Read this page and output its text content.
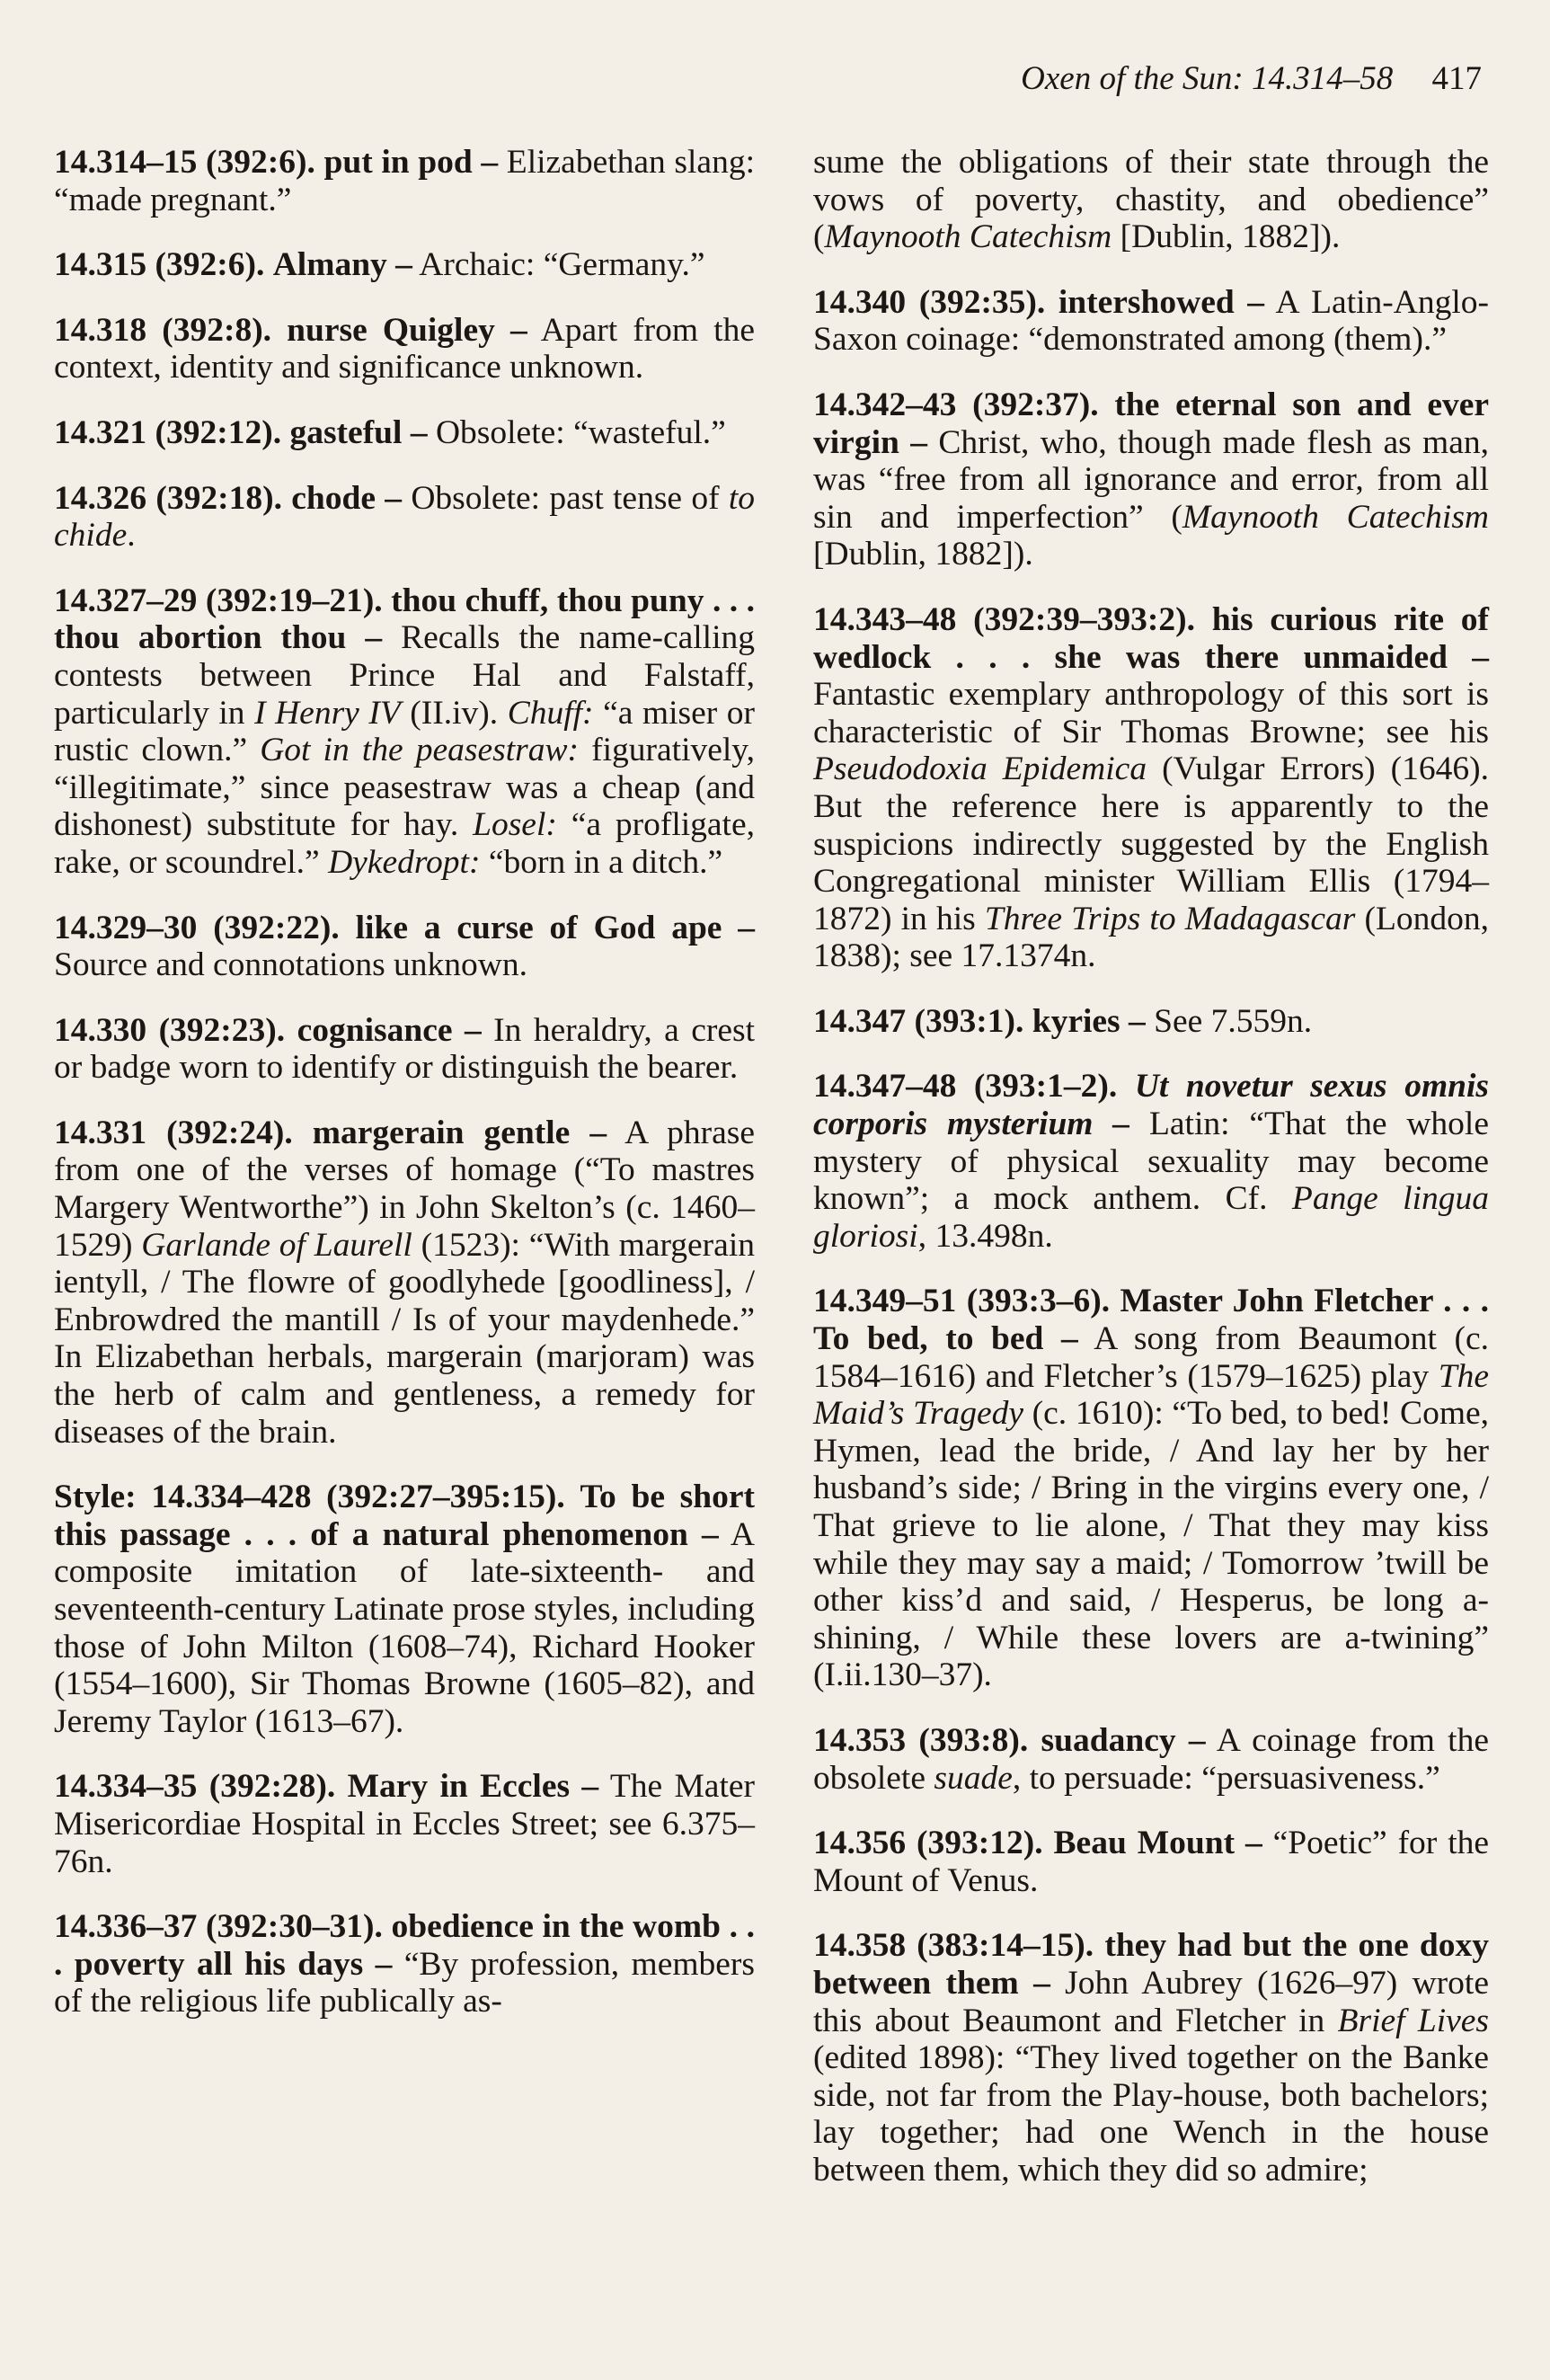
Oxen of the Sun: 14.314–58 417

14.314–15 (392:6). put in pod – Elizabethan slang: “made pregnant.”

14.315 (392:6). Almany – Archaic: “Germany.”

14.318 (392:8). nurse Quigley – Apart from the context, identity and significance unknown.

14.321 (392:12). gasteful – Obsolete: “wasteful.”

14.326 (392:18). chode – Obsolete: past tense of to chide.

14.327–29 (392:19–21). thou chuff, thou puny . . . thou abortion thou – Recalls the name-calling contests between Prince Hal and Falstaff, particularly in I Henry IV (II.iv). Chuff: “a miser or rustic clown.” Got in the peasestraw: figuratively, “illegitimate,” since peasestraw was a cheap (and dishonest) substitute for hay. Losel: “a profligate, rake, or scoundrel.” Dykedropt: “born in a ditch.”

14.329–30 (392:22). like a curse of God ape – Source and connotations unknown.

14.330 (392:23). cognisance – In heraldry, a crest or badge worn to identify or distinguish the bearer.

14.331 (392:24). margerain gentle – A phrase from one of the verses of homage (“To mastres Margery Wentworthe”) in John Skelton’s (c. 1460–1529) Garlande of Laurell (1523): “With margerain ientyll, / The flowre of goodlyhede [goodliness], / Enbrowdred the mantill / Is of your maydenhede.” In Elizabethan herbals, margerain (marjoram) was the herb of calm and gentleness, a remedy for diseases of the brain.

Style: 14.334–428 (392:27–395:15). To be short this passage . . . of a natural phenomenon – A composite imitation of late-sixteenth- and seventeenth-century Latinate prose styles, including those of John Milton (1608–74), Richard Hooker (1554–1600), Sir Thomas Browne (1605–82), and Jeremy Taylor (1613–67).

14.334–35 (392:28). Mary in Eccles – The Mater Misericordiae Hospital in Eccles Street; see 6.375–76n.

14.336–37 (392:30–31). obedience in the womb . . . poverty all his days – “By profession, members of the religious life publically as-

sume the obligations of their state through the vows of poverty, chastity, and obedience” (Maynooth Catechism [Dublin, 1882]).

14.340 (392:35). intershowed – A Latin-Anglo-Saxon coinage: “demonstrated among (them).”

14.342–43 (392:37). the eternal son and ever virgin – Christ, who, though made flesh as man, was “free from all ignorance and error, from all sin and imperfection” (Maynooth Catechism [Dublin, 1882]).

14.343–48 (392:39–393:2). his curious rite of wedlock . . . she was there unmaided – Fantastic exemplary anthropology of this sort is characteristic of Sir Thomas Browne; see his Pseudodoxia Epidemica (Vulgar Errors) (1646). But the reference here is apparently to the suspicions indirectly suggested by the English Congregational minister William Ellis (1794–1872) in his Three Trips to Madagascar (London, 1838); see 17.1374n.

14.347 (393:1). kyries – See 7.559n.

14.347–48 (393:1–2). Ut novetur sexus omnis corporis mysterium – Latin: “That the whole mystery of physical sexuality may become known”; a mock anthem. Cf. Pange lingua gloriosi, 13.498n.

14.349–51 (393:3–6). Master John Fletcher . . . To bed, to bed – A song from Beaumont (c. 1584–1616) and Fletcher’s (1579–1625) play The Maid’s Tragedy (c. 1610): “To bed, to bed! Come, Hymen, lead the bride, / And lay her by her husband’s side; / Bring in the virgins every one, / That grieve to lie alone, / That they may kiss while they may say a maid; / Tomorrow ’twill be other kiss’d and said, / Hesperus, be long a-shining, / While these lovers are a-twining” (I.ii.130–37).

14.353 (393:8). suadancy – A coinage from the obsolete suade, to persuade: “persuasiveness.”

14.356 (393:12). Beau Mount – “Poetic” for the Mount of Venus.

14.358 (383:14–15). they had but the one doxy between them – John Aubrey (1626–97) wrote this about Beaumont and Fletcher in Brief Lives (edited 1898): “They lived together on the Banke side, not far from the Play-house, both bachelors; lay together; had one Wench in the house between them, which they did so admire;
